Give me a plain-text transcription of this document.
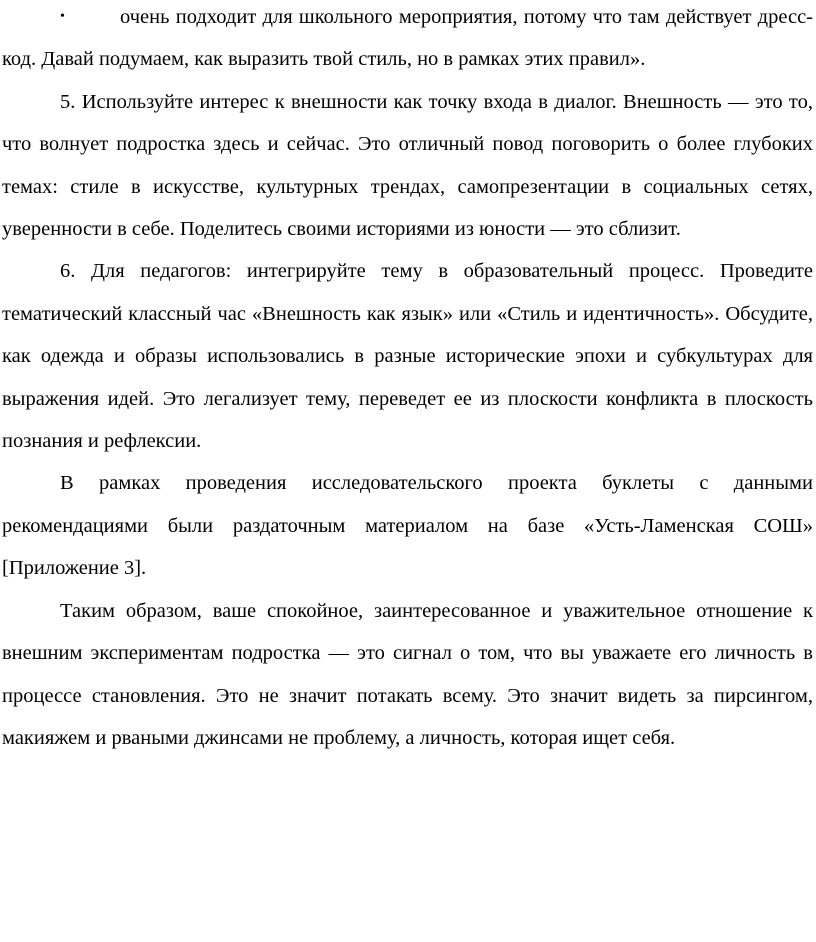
•	очень подходит для школьного мероприятия, потому что там действует дресс-код. Давай подумаем, как выразить твой стиль, но в рамках этих правил».

5. Используйте интерес к внешности как точку входа в диалог. Внешность — это то, что волнует подростка здесь и сейчас. Это отличный повод поговорить о более глубоких темах: стиле в искусстве, культурных трендах, самопрезентации в социальных сетях, уверенности в себе. Поделитесь своими историями из юности — это сблизит.

6. Для педагогов: интегрируйте тему в образовательный процесс. Проведите тематический классный час «Внешность как язык» или «Стиль и идентичность». Обсудите, как одежда и образы использовались в разные исторические эпохи и субкультурах для выражения идей. Это легализует тему, переведет ее из плоскости конфликта в плоскость познания и рефлексии.

В рамках проведения исследовательского проекта буклеты с данными рекомендациями были раздаточным материалом на базе «Усть-Ламенская СОШ» [Приложение 3].

Таким образом, ваше спокойное, заинтересованное и уважительное отношение к внешним экспериментам подростка — это сигнал о том, что вы уважаете его личность в процессе становления. Это не значит потакать всему. Это значит видеть за пирсингом, макияжем и рваными джинсами не проблему, а личность, которая ищет себя.
